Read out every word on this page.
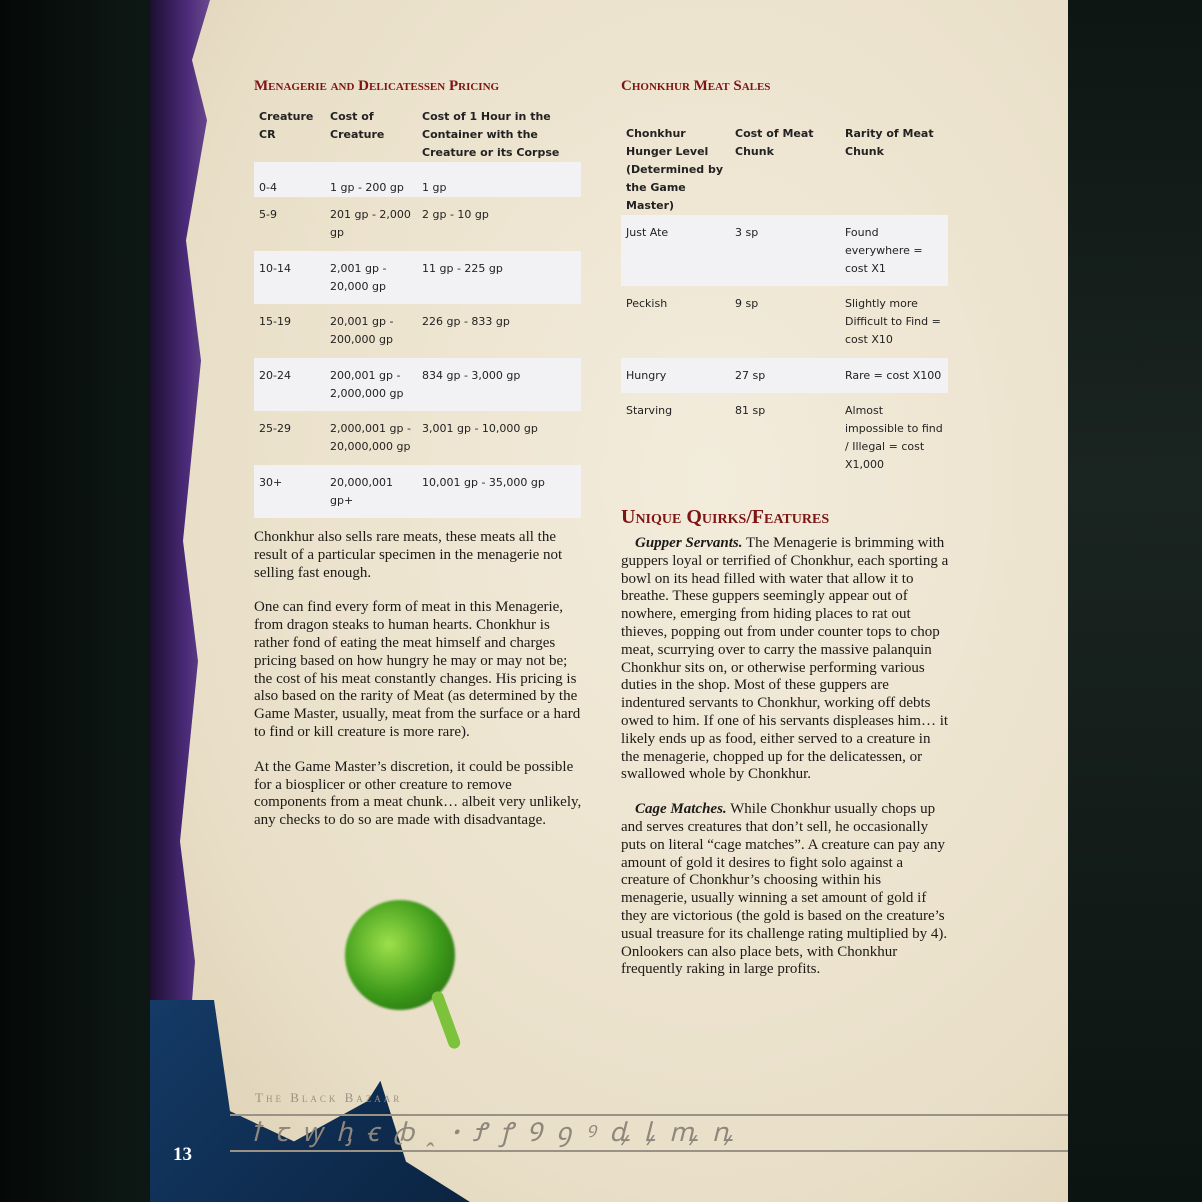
Menagerie and Delicatessen Pricing
Creature CR	Cost of Creature	Cost of 1 Hour in the Container with the Creature or its Corpse
0-4	1 gp - 200 gp	1 gp
5-9	201 gp - 2,000 gp	2 gp - 10 gp
10-14	2,001 gp - 20,000 gp	11 gp - 225 gp
15-19	20,001 gp - 200,000 gp	226 gp - 833 gp
20-24	200,001 gp - 2,000,000 gp	834 gp - 3,000 gp
25-29	2,000,001 gp - 20,000,000 gp	3,001 gp - 10,000 gp
30+	20,000,001 gp+	10,001 gp - 35,000 gp

Chonkhur also sells rare meats, these meats all the result of a particular specimen in the menagerie not selling fast enough.

One can find every form of meat in this Menagerie, from dragon steaks to human hearts. Chonkhur is rather fond of eating the meat himself and charges pricing based on how hungry he may or may not be; the cost of his meat constantly changes. His pricing is also based on the rarity of Meat (as determined by the Game Master, usually, meat from the surface or a hard to find or kill creature is more rare).

At the Game Master’s discretion, it could be possible for a biosplicer or other creature to remove components from a meat chunk… albeit very unlikely, any checks to do so are made with disadvantage.

Chonkhur Meat Sales
Chonkhur Hunger Level (Determined by the Game Master)	Cost of Meat Chunk	Rarity of Meat Chunk
Just Ate	3 sp	Found everywhere = cost X1
Peckish	9 sp	Slightly more Difficult to Find = cost X10
Hungry	27 sp	Rare = cost X100
Starving	81 sp	Almost impossible to find / Illegal = cost X1,000
Unique Quirks/Features

Gupper Servants. The Menagerie is brimming with guppers loyal or terrified of Chonkhur, each sporting a bowl on its head filled with water that allow it to breathe. These guppers seemingly appear out of nowhere, emerging from hiding places to rat out thieves, popping out from under counter tops to chop meat, scurrying over to carry the massive palanquin Chonkhur sits on, or otherwise performing various duties in the shop. Most of these guppers are indentured servants to Chonkhur, working off debts owed to him. If one of his servants displeases him… it likely ends up as food, either served to a creature in the menagerie, chopped up for the delicatessen, or swallowed whole by Chonkhur.

Cage Matches. While Chonkhur usually chops up and serves creatures that don’t sell, he occasionally puts on literal “cage matches”. A creature can pay any amount of gold it desires to fight solo against a creature of Chonkhur’s choosing within his menagerie, usually winning a set amount of gold if they are victorious (the gold is based on the creature’s usual treasure for its challenge rating multiplied by 4). Onlookers can also place bets, with Chonkhur frequently raking in large profits.

The Black Bazaar
ꝉꞇꝡꞕꞓꞗꞈꞏꝬꝭꝮꝯꝰꝱꝲꝳꝴ
13
